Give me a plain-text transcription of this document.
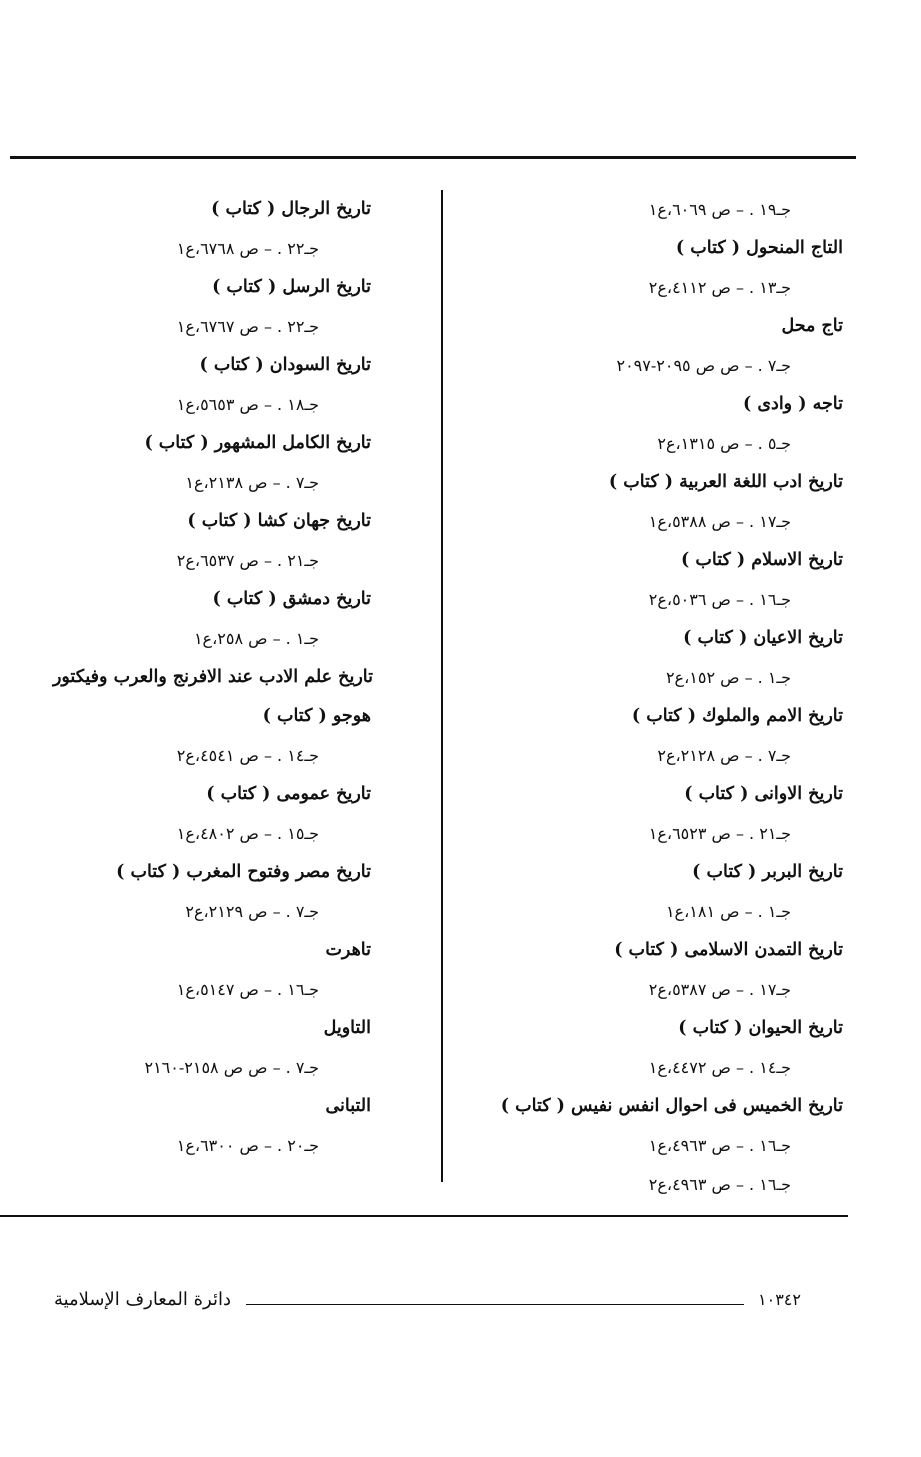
جـ١٩ . – ص ٦٠٦٩،ع١
التاج المنحول ( كتاب )
جـ١٣ . – ص ٤١١٢،ع٢
تاج محل
جـ٧ . – ص ص ٢٠٩٥-٢٠٩٧
تاجه ( وادى )
جـ٥ . – ص ١٣١٥،ع٢
تاريخ ادب اللغة العربية ( كتاب )
جـ١٧ . – ص ٥٣٨٨،ع١
تاريخ الاسلام ( كتاب )
جـ١٦ . – ص ٥٠٣٦،ع٢
تاريخ الاعيان ( كتاب )
جـ١ . – ص ١٥٢،ع٢
تاريخ الامم والملوك ( كتاب )
جـ٧ . – ص ٢١٢٨،ع٢
تاريخ الاوانى ( كتاب )
جـ٢١ . – ص ٦٥٢٣،ع١
تاريخ البربر ( كتاب )
جـ١ . – ص ١٨١،ع١
تاريخ التمدن الاسلامى ( كتاب )
جـ١٧ . – ص ٥٣٨٧،ع٢
تاريخ الحيوان ( كتاب )
جـ١٤ . – ص ٤٤٧٢،ع١
تاريخ الخميس فى احوال انفس نفيس ( كتاب )
جـ١٦ . – ص ٤٩٦٣،ع١
جـ١٦ . – ص ٤٩٦٣،ع٢
تاريخ الرجال ( كتاب )
جـ٢٢ . – ص ٦٧٦٨،ع١
تاريخ الرسل ( كتاب )
جـ٢٢ . – ص ٦٧٦٧،ع١
تاريخ السودان ( كتاب )
جـ١٨ . – ص ٥٦٥٣،ع١
تاريخ الكامل المشهور ( كتاب )
جـ٧ . – ص ٢١٣٨،ع١
تاريخ جهان كشا ( كتاب )
جـ٢١ . – ص ٦٥٣٧،ع٢
تاريخ دمشق ( كتاب )
جـ١ . – ص ٢٥٨،ع١
تاريخ علم الادب عند الافرنج والعرب وفيكتور
هوجو ( كتاب )
جـ١٤ . – ص ٤٥٤١،ع٢
تاريخ عمومى ( كتاب )
جـ١٥ . – ص ٤٨٠٢،ع١
تاريخ مصر وفتوح المغرب ( كتاب )
جـ٧ . – ص ٢١٢٩،ع٢
تاهرت
جـ١٦ . – ص ٥١٤٧،ع١
التاويل
جـ٧ . – ص ص ٢١٥٨-٢١٦٠
التبانى
جـ٢٠ . – ص ٦٣٠٠،ع١
دائرة المعارف الإسلامية	١٠٣٤٢
